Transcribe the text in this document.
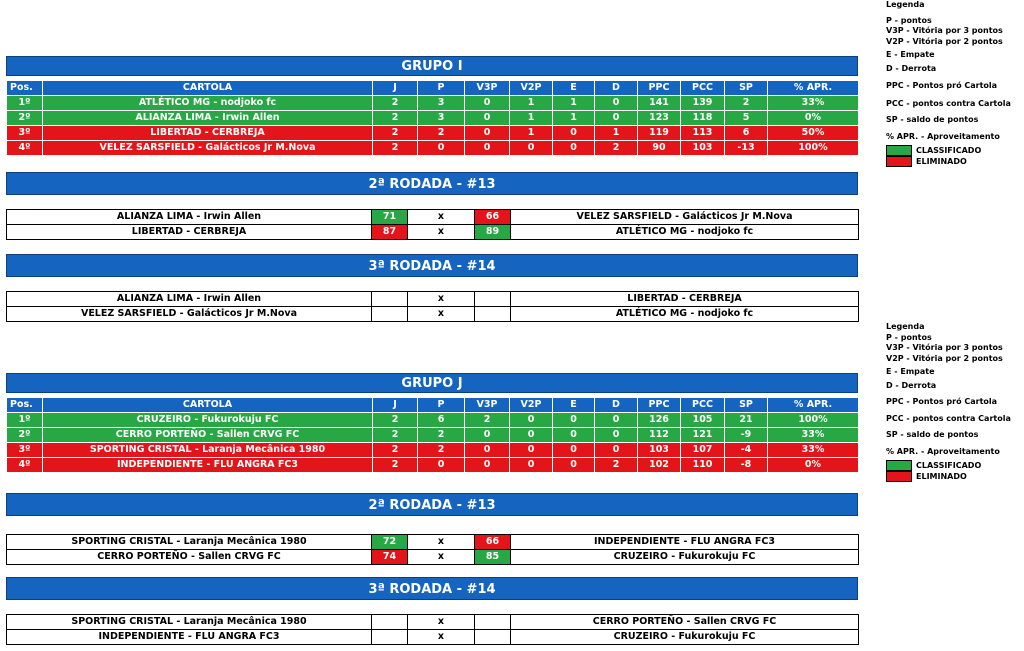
Legenda
P - pontos
V3P - Vitória por 3 pontos
V2P - Vitória por 2 pontos
E - Empate
D - Derrota
PPC - Pontos pró Cartola
PCC - pontos contra Cartola
SP - saldo de pontos
% APR. - Aproveitamento
CLASSIFICADO
ELIMINADO
Legenda
P - pontos
V3P - Vitória por 3 pontos
V2P - Vitória por 2 pontos
E - Empate
D - Derrota
PPC - Pontos pró Cartola
PCC - pontos contra Cartola
SP - saldo de pontos
% APR. - Aproveitamento
CLASSIFICADO
ELIMINADO
GRUPO I
Pos.	CARTOLA	J	P	V3P	V2P	E	D	PPC	PCC	SP	% APR.
1º	ATLÉTICO MG - nodjoko fc	2	3	0	1	1	0	141	139	2	33%
2º	ALIANZA LIMA - Irwin Allen	2	3	0	1	1	0	123	118	5	0%
3º	LIBERTAD - CERBREJA	2	2	0	1	0	1	119	113	6	50%
4º	VELEZ SARSFIELD - Galácticos Jr M.Nova	2	0	0	0	0	2	90	103	-13	100%
2ª RODADA - #13
ALIANZA LIMA - Irwin Allen	71	x	66	VELEZ SARSFIELD - Galácticos Jr M.Nova
LIBERTAD - CERBREJA	87	x	89	ATLÉTICO MG - nodjoko fc
3ª RODADA - #14
ALIANZA LIMA - Irwin Allen		x		LIBERTAD - CERBREJA
VELEZ SARSFIELD - Galácticos Jr M.Nova		x		ATLÉTICO MG - nodjoko fc
GRUPO J
Pos.	CARTOLA	J	P	V3P	V2P	E	D	PPC	PCC	SP	% APR.
1º	CRUZEIRO - Fukurokuju FC	2	6	2	0	0	0	126	105	21	100%
2º	CERRO PORTEÑO - Sallen CRVG FC	2	2	0	0	0	0	112	121	-9	33%
3º	SPORTING CRISTAL - Laranja Mecânica 1980	2	2	0	0	0	0	103	107	-4	33%
4º	INDEPENDIENTE - FLU ANGRA FC3	2	0	0	0	0	2	102	110	-8	0%
2ª RODADA - #13
SPORTING CRISTAL - Laranja Mecânica 1980	72	x	66	INDEPENDIENTE - FLU ANGRA FC3
CERRO PORTEÑO - Sallen CRVG FC	74	x	85	CRUZEIRO - Fukurokuju FC
3ª RODADA - #14
SPORTING CRISTAL - Laranja Mecânica 1980		x		CERRO PORTEÑO - Sallen CRVG FC
INDEPENDIENTE - FLU ANGRA FC3		x		CRUZEIRO - Fukurokuju FC
